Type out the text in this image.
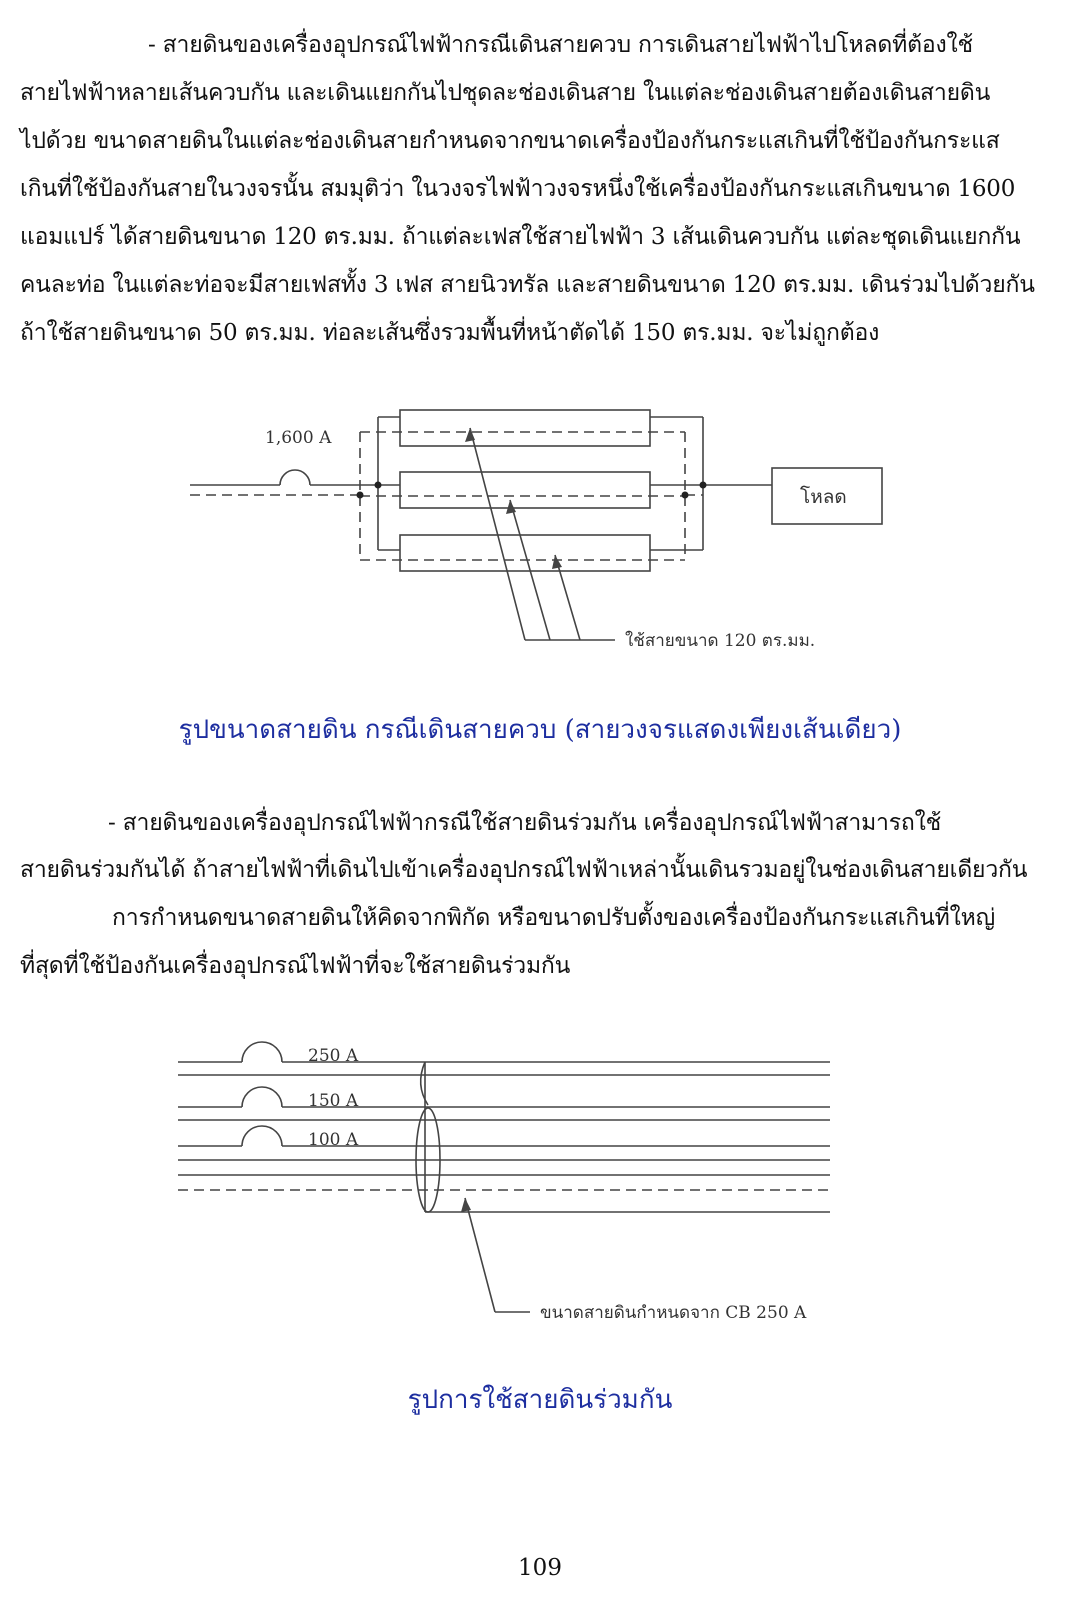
- สายดินของเครื่องอุปกรณ์ไฟฟ้ากรณีเดินสายควบ การเดินสายไฟฟ้าไปโหลดที่ต้องใช้

สายไฟฟ้าหลายเส้นควบกัน และเดินแยกกันไปชุดละช่องเดินสาย ในแต่ละช่องเดินสายต้องเดินสายดิน

ไปด้วย ขนาดสายดินในแต่ละช่องเดินสายกำหนดจากขนาดเครื่องป้องกันกระแสเกินที่ใช้ป้องกันกระแส

เกินที่ใช้ป้องกันสายในวงจรนั้น สมมุติว่า ในวงจรไฟฟ้าวงจรหนึ่งใช้เครื่องป้องกันกระแสเกินขนาด 1600

แอมแปร์ ได้สายดินขนาด 120 ตร.มม. ถ้าแต่ละเฟสใช้สายไฟฟ้า 3 เส้นเดินควบกัน แต่ละชุดเดินแยกกัน

คนละท่อ ในแต่ละท่อจะมีสายเฟสทั้ง 3 เฟส สายนิวทรัล และสายดินขนาด 120 ตร.มม. เดินร่วมไปด้วยกัน

ถ้าใช้สายดินขนาด 50 ตร.มม. ท่อละเส้นซึ่งรวมพื้นที่หน้าตัดได้ 150 ตร.มม. จะไม่ถูกต้อง

1,600 A
โหลด
ใช้สายขนาด 120 ตร.มม.

รูปขนาดสายดิน กรณีเดินสายควบ (สายวงจรแสดงเพียงเส้นเดียว)

- สายดินของเครื่องอุปกรณ์ไฟฟ้ากรณีใช้สายดินร่วมกัน เครื่องอุปกรณ์ไฟฟ้าสามารถใช้

สายดินร่วมกันได้ ถ้าสายไฟฟ้าที่เดินไปเข้าเครื่องอุปกรณ์ไฟฟ้าเหล่านั้นเดินรวมอยู่ในช่องเดินสายเดียวกัน

การกำหนดขนาดสายดินให้คิดจากพิกัด หรือขนาดปรับตั้งของเครื่องป้องกันกระแสเกินที่ใหญ่

ที่สุดที่ใช้ป้องกันเครื่องอุปกรณ์ไฟฟ้าที่จะใช้สายดินร่วมกัน

250 A
150 A
100 A
ขนาดสายดินกำหนดจาก CB 250 A

รูปการใช้สายดินร่วมกัน

109
